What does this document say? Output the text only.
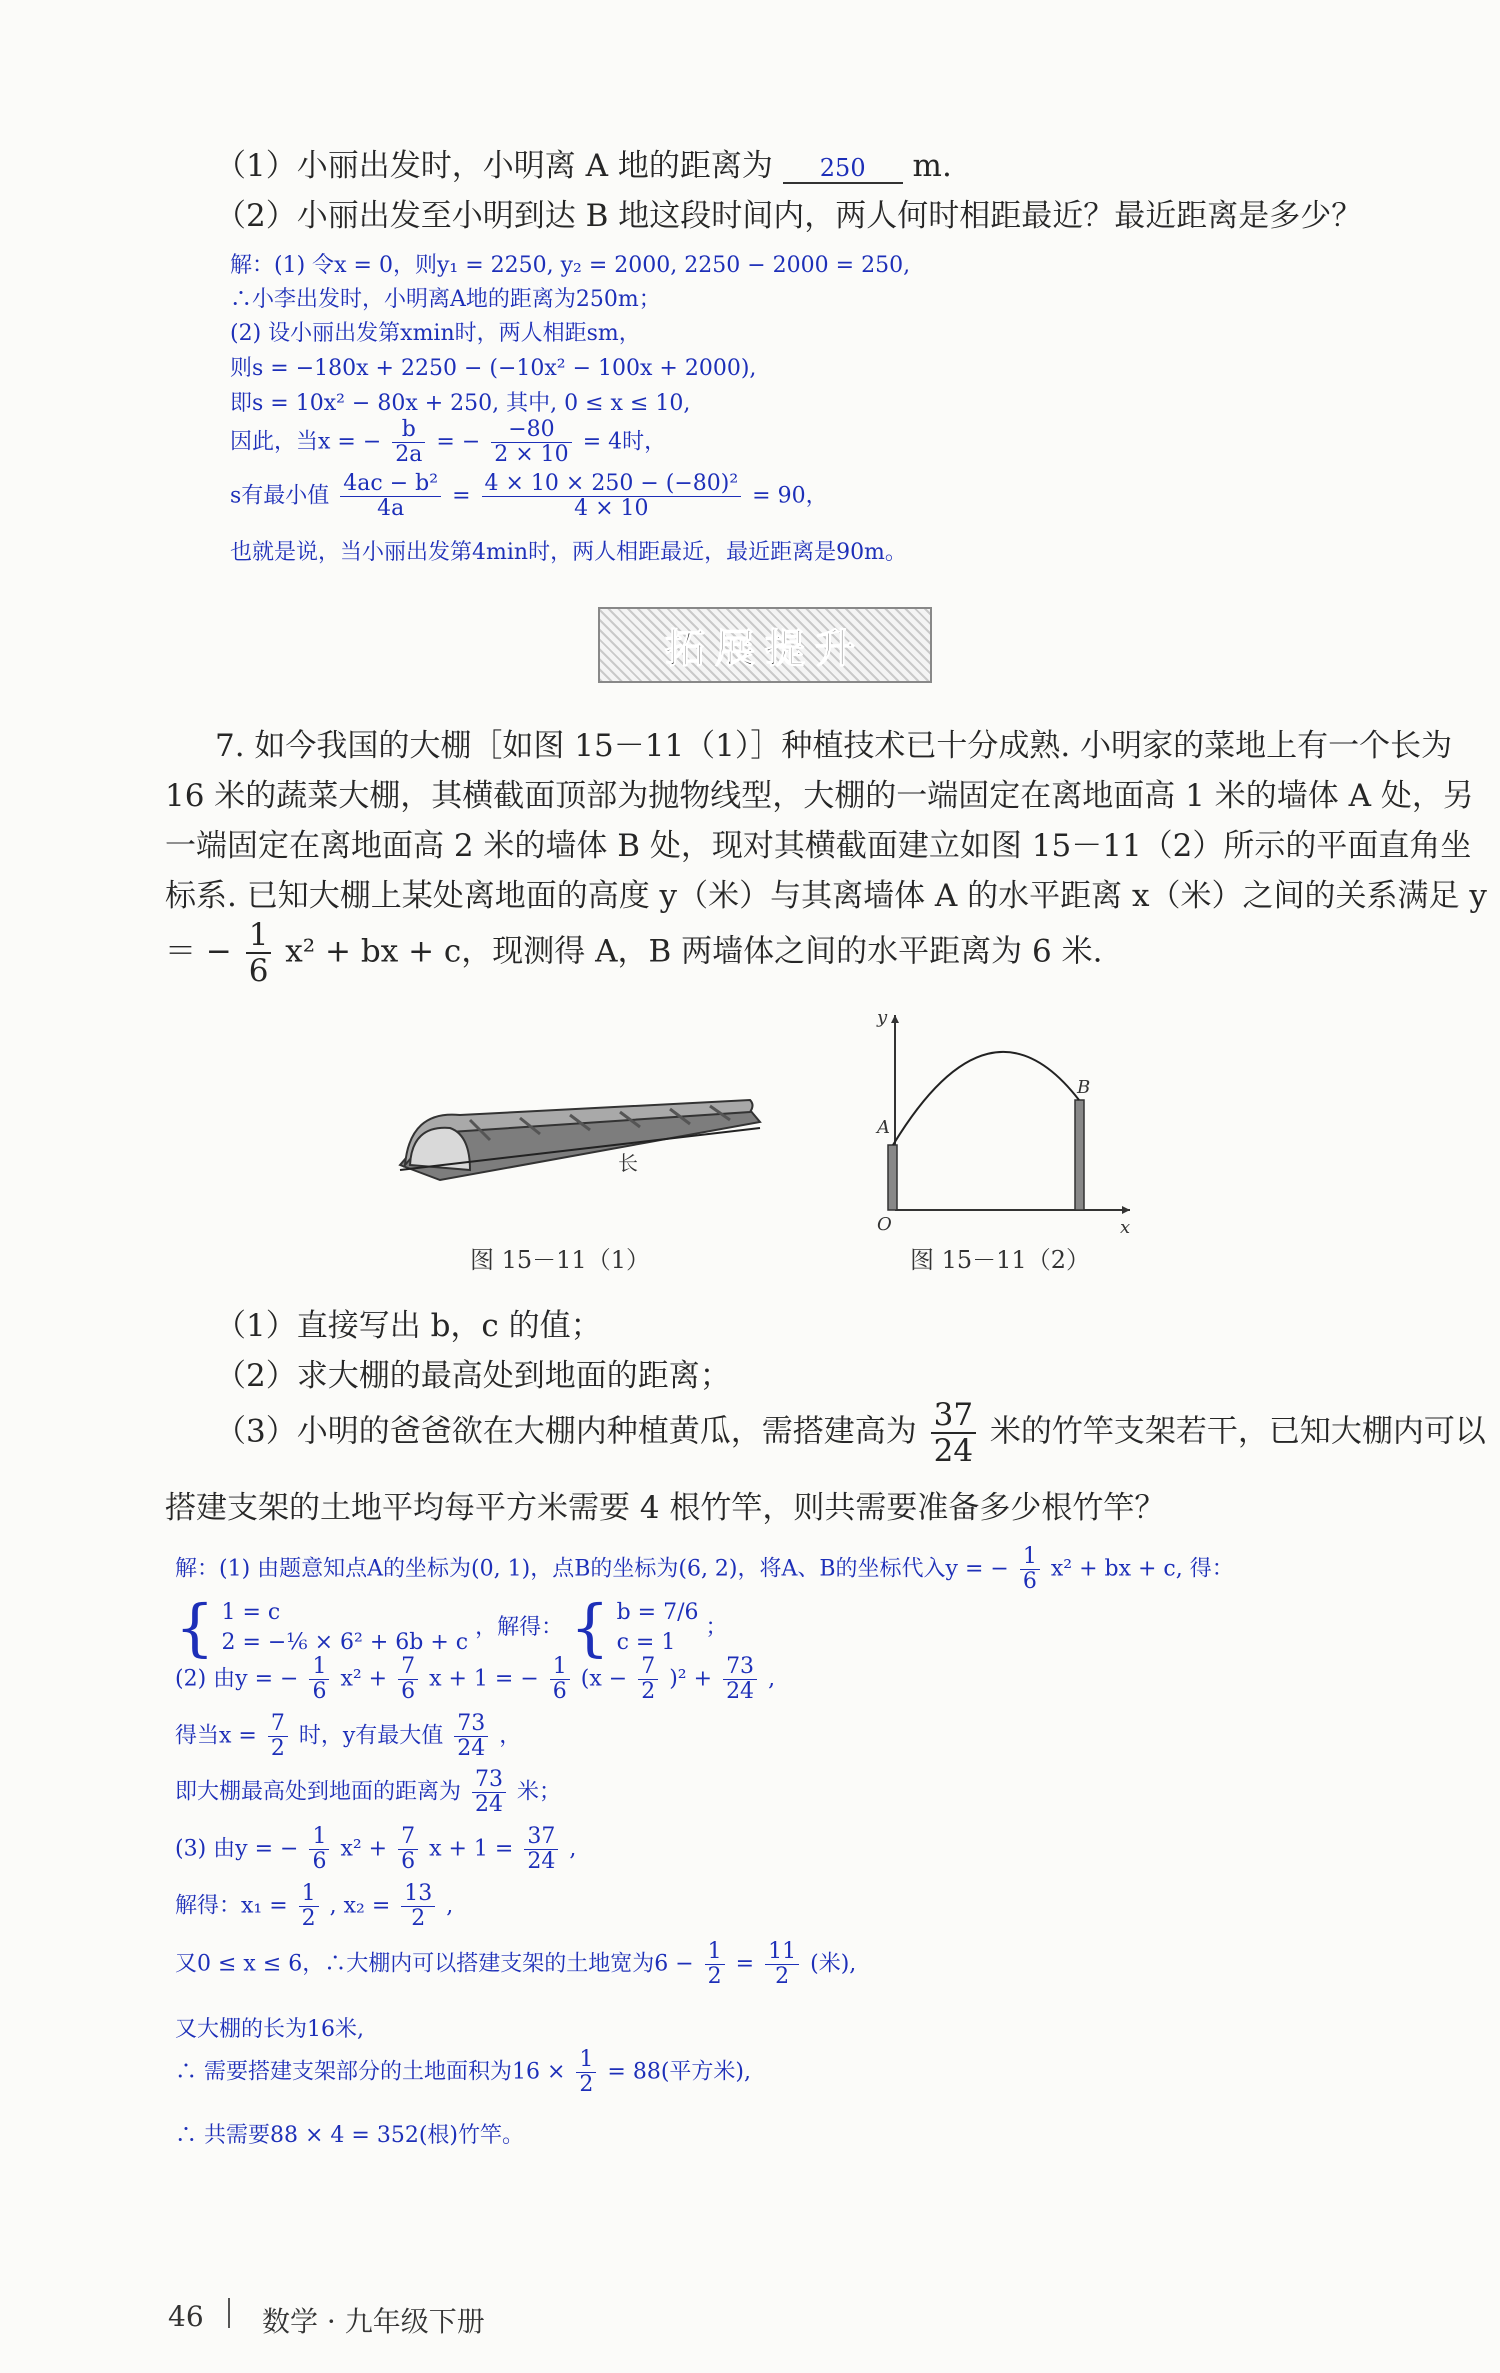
（1）小丽出发时，小明离 A 地的距离为 250 m.
（2）小丽出发至小明到达 B 地这段时间内，两人何时相距最近？最近距离是多少？
解：(1) 令x = 0，则y₁ = 2250, y₂ = 2000, 2250 − 2000 = 250,
∴小李出发时，小明离A地的距离为250m；
(2) 设小丽出发第xmin时，两人相距sm，
则s = −180x + 2250 − (−10x² − 100x + 2000),
即s = 10x² − 80x + 250, 其中, 0 ≤ x ≤ 10,
因此，当x = − $\frac{b}{2a}$ = − $\frac{-80}{2 \times 10} = 4$时，
s有最小值 $\frac{\text{4ac − b²}}{4a} = \frac{\text{4 × 10 × 250 − (−80)²}}{4 \times 10} = 90$，
也就是说，当小丽出发第4min时，两人相距最近，最近距离是90m。
拓展提升
7. 如今我国的大棚［如图 15－11（1）］种植技术已十分成熟. 小明家的菜地上有一个长为
16 米的蔬菜大棚，其横截面顶部为抛物线型，大棚的一端固定在离地面高 1 米的墙体 A 处，另
一端固定在离地面高 2 米的墙体 B 处，现对其横截面建立如图 15－11（2）所示的平面直角坐
标系. 已知大棚上某处离地面的高度 y（米）与其离墙体 A 的水平距离 x（米）之间的关系满足 y
＝ − $\frac{1}{6} x^2$ + bx + c，现测得 A，B 两墙体之间的水平距离为 6 米.
长
图 15－11（1）
y
x
A
B
O
图 15－11（2）
（1）直接写出 b，c 的值；
（2）求大棚的最高处到地面的距离；
（3）小明的爸爸欲在大棚内种植黄瓜，需搭建高为 $\frac{37}{24}$ 米的竹竿支架若干，已知大棚内可以
搭建支架的土地平均每平方米需要 4 根竹竿，则共需要准备多少根竹竿？
解：(1) 由题意知点A的坐标为(0, 1)，点B的坐标为(6, 2)，将A、B的坐标代入y = − $\frac{1}{6} x^2$ + bx + c, 得：
{ 1 = c
2 = −⅙ × 6² + 6b + c
，解得： { b = 7/6
c = 1
；
(2) 由y = − $\frac{1}{6} x^2 + \frac{7}{6}$ x + 1 = − $\frac{1}{6} (x - \frac{7}{2} )^2 + \frac{73}{24}$ ,
得当$x = \frac{7}{2}$ 时，y有最大值 $\frac{73}{24}$ ，
即大棚最高处到地面的距离为 $\frac{73}{24}$ 米；
(3) 由y = − $\frac{1}{6} x^2 + \frac{7}{6}$ $x + 1 = \frac{37}{24}$ ,
解得：$x_1 = \frac{1}{2}$ , $x_2 = \frac{13}{2}$ ,
又0 ≤ x ≤ 6，∴大棚内可以搭建支架的土地宽为$6 - \frac{1}{2} = \frac{11}{2}$ (米),
又大棚的长为16米,
∴ 需要搭建支架部分的土地面积为$16 \times \frac{1}{2} = 88$(平方米),
∴ 共需要88 × 4 = 352(根)竹竿。
46 数学 · 九年级下册
